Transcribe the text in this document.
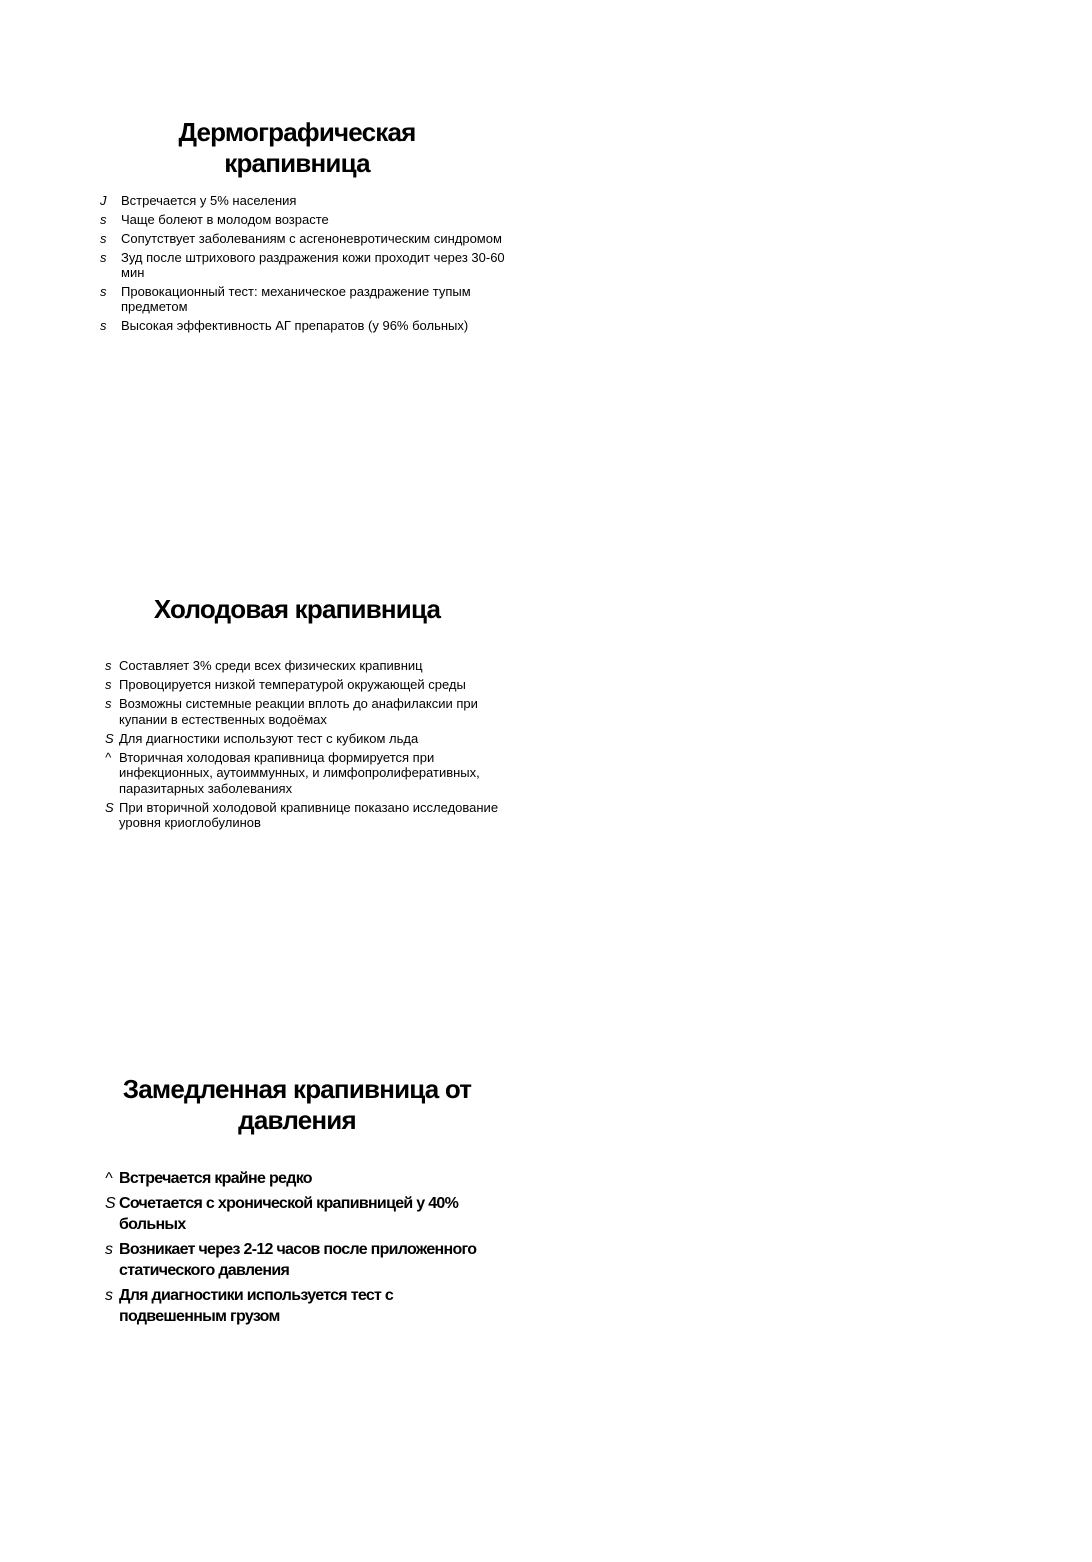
Дермографическая
крапивница
J Встречается у 5% населения
s Чаще болеют в молодом возрасте
s Сопутствует заболеваниям с асгеноневротическим синдромом
s Зуд после штрихового раздражения кожи проходит через 30-60 мин
s Провокационный тест: механическое раздражение тупым предметом
s Высокая эффективность АГ препаратов (у 96% больных)
Холодовая крапивница
s Составляет 3% среди всех физических крапивниц
s Провоцируется низкой температурой окружающей среды
s Возможны системные реакции вплоть до анафилаксии при купании в естественных водоёмах
S Для диагностики используют тест с кубиком льда
^ Вторичная холодовая крапивница формируется при инфекционных, аутоиммунных, и лимфопролиферативных, паразитарных заболеваниях
S При вторичной холодовой крапивнице показано исследование уровня криоглобулинов
Замедленная крапивница от
давления
^ Встречается крайне редко
S Сочетается с хронической крапивницей у 40% больных
s Возникает через 2-12 часов после приложенного статического давления
s Для диагностики используется тест с подвешенным грузом
